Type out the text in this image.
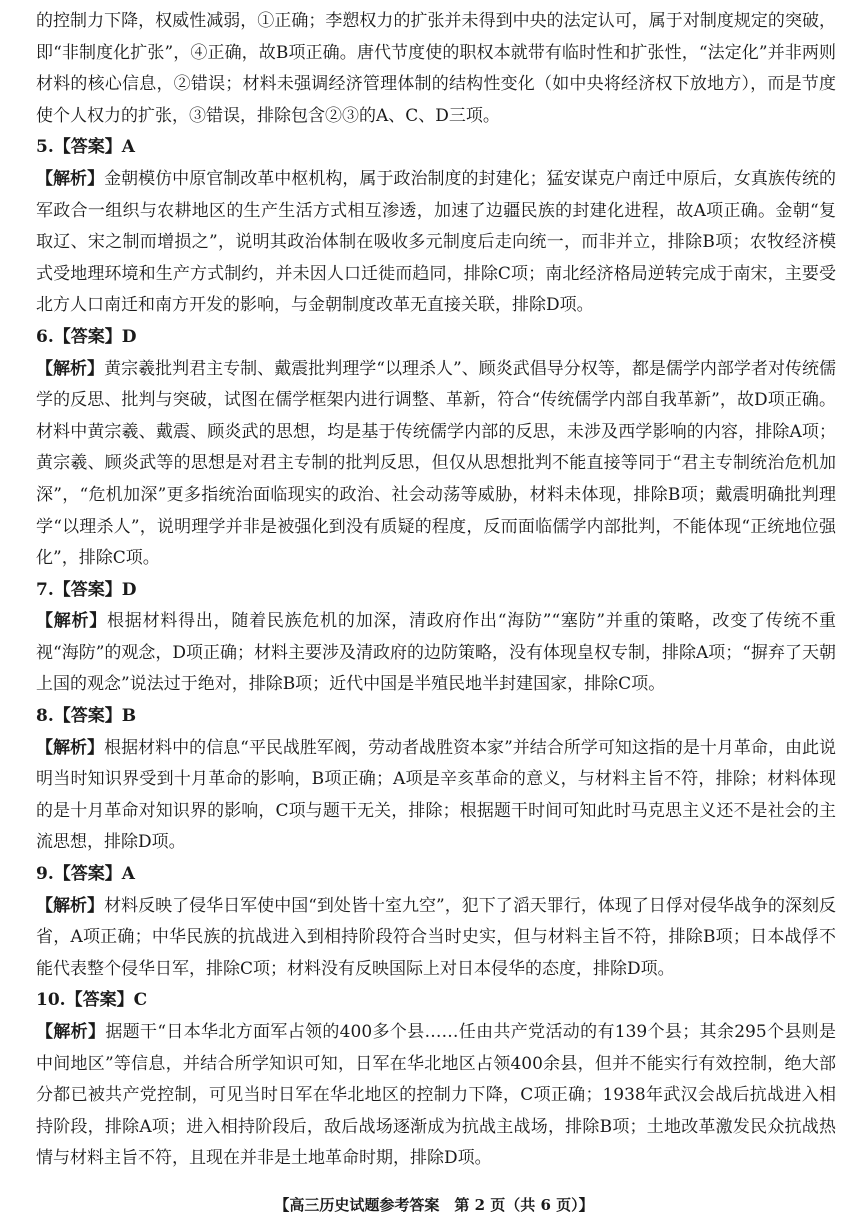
的控制力下降，权威性减弱，①正确；李愬权力的扩张并未得到中央的法定认可，属于对制度规定的突破，即“非制度化扩张”，④正确，故B项正确。唐代节度使的职权本就带有临时性和扩张性，“法定化”并非两则材料的核心信息，②错误；材料未强调经济管理体制的结构性变化（如中央将经济权下放地方），而是节度使个人权力的扩张，③错误，排除包含②③的A、C、D三项。

5.【答案】A

【解析】金朝模仿中原官制改革中枢机构，属于政治制度的封建化；猛安谋克户南迁中原后，女真族传统的军政合一组织与农耕地区的生产生活方式相互渗透，加速了边疆民族的封建化进程，故A项正确。金朝“复取辽、宋之制而增损之”，说明其政治体制在吸收多元制度后走向统一，而非并立，排除B项；农牧经济模式受地理环境和生产方式制约，并未因人口迁徙而趋同，排除C项；南北经济格局逆转完成于南宋，主要受北方人口南迁和南方开发的影响，与金朝制度改革无直接关联，排除D项。

6.【答案】D

【解析】黄宗羲批判君主专制、戴震批判理学“以理杀人”、顾炎武倡导分权等，都是儒学内部学者对传统儒学的反思、批判与突破，试图在儒学框架内进行调整、革新，符合“传统儒学内部自我革新”，故D项正确。材料中黄宗羲、戴震、顾炎武的思想，均是基于传统儒学内部的反思，未涉及西学影响的内容，排除A项；黄宗羲、顾炎武等的思想是对君主专制的批判反思，但仅从思想批判不能直接等同于“君主专制统治危机加深”，“危机加深”更多指统治面临现实的政治、社会动荡等威胁，材料未体现，排除B项；戴震明确批判理学“以理杀人”，说明理学并非是被强化到没有质疑的程度，反而面临儒学内部批判，不能体现“正统地位强化”，排除C项。

7.【答案】D

【解析】根据材料得出，随着民族危机的加深，清政府作出“海防”“塞防”并重的策略，改变了传统不重视“海防”的观念，D项正确；材料主要涉及清政府的边防策略，没有体现皇权专制，排除A项；“摒弃了天朝上国的观念”说法过于绝对，排除B项；近代中国是半殖民地半封建国家，排除C项。

8.【答案】B

【解析】根据材料中的信息“平民战胜军阀，劳动者战胜资本家”并结合所学可知这指的是十月革命，由此说明当时知识界受到十月革命的影响，B项正确；A项是辛亥革命的意义，与材料主旨不符，排除；材料体现的是十月革命对知识界的影响，C项与题干无关，排除；根据题干时间可知此时马克思主义还不是社会的主流思想，排除D项。

9.【答案】A

【解析】材料反映了侵华日军使中国“到处皆十室九空”，犯下了滔天罪行，体现了日俘对侵华战争的深刻反省，A项正确；中华民族的抗战进入到相持阶段符合当时史实，但与材料主旨不符，排除B项；日本战俘不能代表整个侵华日军，排除C项；材料没有反映国际上对日本侵华的态度，排除D项。

10.【答案】C

【解析】据题干“日本华北方面军占领的400多个县……任由共产党活动的有139个县；其余295个县则是中间地区”等信息，并结合所学知识可知，日军在华北地区占领400余县，但并不能实行有效控制，绝大部分都已被共产党控制，可见当时日军在华北地区的控制力下降，C项正确；1938年武汉会战后抗战进入相持阶段，排除A项；进入相持阶段后，敌后战场逐渐成为抗战主战场，排除B项；土地改革激发民众抗战热情与材料主旨不符，且现在并非是土地革命时期，排除D项。

【高三历史试题参考答案　第 2 页（共 6 页）】
